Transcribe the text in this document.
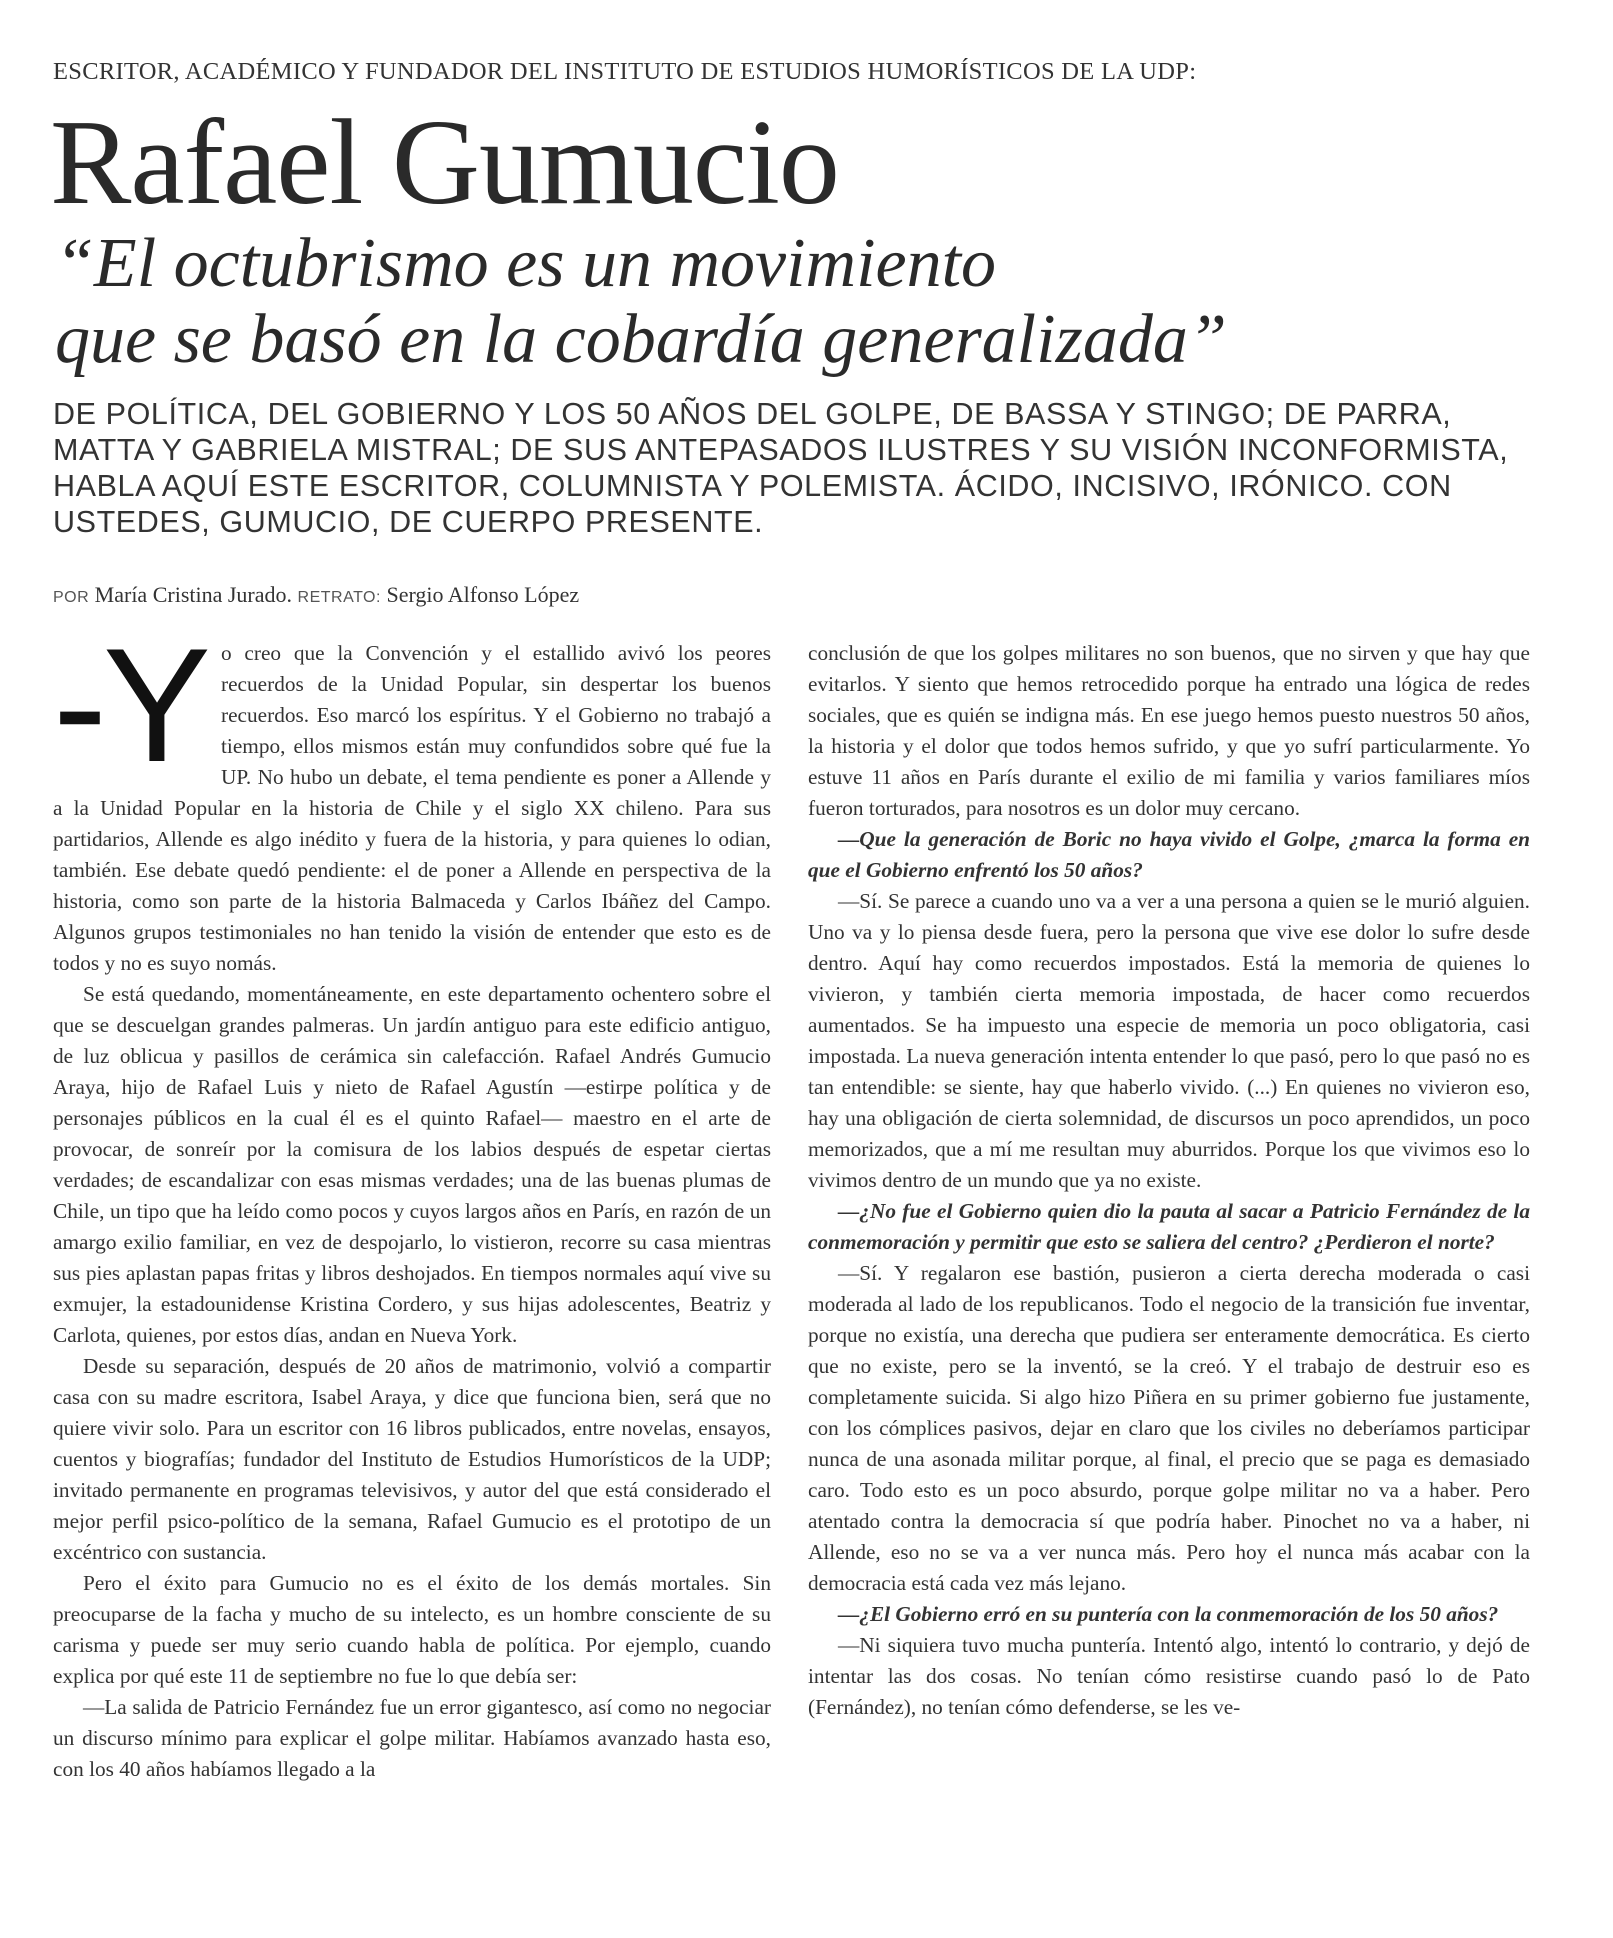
ESCRITOR, ACADÉMICO Y FUNDADOR DEL INSTITUTO DE ESTUDIOS HUMORÍSTICOS DE LA UDP:
Rafael Gumucio
“El octubrismo es un movimiento
que se basó en la cobardía generalizada”
DE POLÍTICA, DEL GOBIERNO Y LOS 50 AÑOS DEL GOLPE, DE BASSA Y STINGO; DE PARRA, MATTA Y GABRIELA MISTRAL; DE SUS ANTEPASADOS ILUSTRES Y SU VISIÓN INCONFORMISTA, HABLA AQUÍ ESTE ESCRITOR, COLUMNISTA Y POLEMISTA. ÁCIDO, INCISIVO, IRÓNICO. CON USTEDES, GUMUCIO, DE CUERPO PRESENTE.
POR María Cristina Jurado. RETRATO: Sergio Alfonso López

-Y o creo que la Convención y el estallido avivó los peores recuerdos de la Unidad Popular, sin despertar los buenos recuerdos. Eso marcó los espíritus. Y el Gobierno no trabajó a tiempo, ellos mismos están muy confundidos sobre qué fue la UP. No hubo un debate, el tema pendiente es poner a Allende y a la Unidad Popular en la historia de Chile y el siglo XX chileno. Para sus partidarios, Allende es algo inédito y fuera de la historia, y para quienes lo odian, también. Ese debate quedó pendiente: el de poner a Allende en perspectiva de la historia, como son parte de la historia Balmaceda y Carlos Ibáñez del Campo. Algunos grupos testimoniales no han tenido la visión de entender que esto es de todos y no es suyo nomás.

Se está quedando, momentáneamente, en este departamento ochentero sobre el que se descuelgan grandes palmeras. Un jardín antiguo para este edificio antiguo, de luz oblicua y pasillos de cerámica sin calefacción. Rafael Andrés Gumucio Araya, hijo de Rafael Luis y nieto de Rafael Agustín —estirpe política y de personajes públicos en la cual él es el quinto Rafael— maestro en el arte de provocar, de sonreír por la comisura de los labios después de espetar ciertas verdades; de escandalizar con esas mismas verdades; una de las buenas plumas de Chile, un tipo que ha leído como pocos y cuyos largos años en París, en razón de un amargo exilio familiar, en vez de despojarlo, lo vistieron, recorre su casa mientras sus pies aplastan papas fritas y libros deshojados. En tiempos normales aquí vive su exmujer, la estadounidense Kristina Cordero, y sus hijas adolescentes, Beatriz y Carlota, quienes, por estos días, andan en Nueva York.

Desde su separación, después de 20 años de matrimonio, volvió a compartir casa con su madre escritora, Isabel Araya, y dice que funciona bien, será que no quiere vivir solo. Para un escritor con 16 libros publicados, entre novelas, ensayos, cuentos y biografías; fundador del Instituto de Estudios Humorísticos de la UDP; invitado permanente en programas televisivos, y autor del que está considerado el mejor perfil psico-político de la semana, Rafael Gumucio es el prototipo de un excéntrico con sustancia.

Pero el éxito para Gumucio no es el éxito de los demás mortales. Sin preocuparse de la facha y mucho de su intelecto, es un hombre consciente de su carisma y puede ser muy serio cuando habla de política. Por ejemplo, cuando explica por qué este 11 de septiembre no fue lo que debía ser:

—La salida de Patricio Fernández fue un error gigantesco, así como no negociar un discurso mínimo para explicar el golpe militar. Habíamos avanzado hasta eso, con los 40 años habíamos llegado a la

conclusión de que los golpes militares no son buenos, que no sirven y que hay que evitarlos. Y siento que hemos retrocedido porque ha entrado una lógica de redes sociales, que es quién se indigna más. En ese juego hemos puesto nuestros 50 años, la historia y el dolor que todos hemos sufrido, y que yo sufrí particularmente. Yo estuve 11 años en París durante el exilio de mi familia y varios familiares míos fueron torturados, para nosotros es un dolor muy cercano.

—Que la generación de Boric no haya vivido el Golpe, ¿marca la forma en que el Gobierno enfrentó los 50 años?

—Sí. Se parece a cuando uno va a ver a una persona a quien se le murió alguien. Uno va y lo piensa desde fuera, pero la persona que vive ese dolor lo sufre desde dentro. Aquí hay como recuerdos impostados. Está la memoria de quienes lo vivieron, y también cierta memoria impostada, de hacer como recuerdos aumentados. Se ha impuesto una especie de memoria un poco obligatoria, casi impostada. La nueva generación intenta entender lo que pasó, pero lo que pasó no es tan entendible: se siente, hay que haberlo vivido. (...) En quienes no vivieron eso, hay una obligación de cierta solemnidad, de discursos un poco aprendidos, un poco memorizados, que a mí me resultan muy aburridos. Porque los que vivimos eso lo vivimos dentro de un mundo que ya no existe.

—¿No fue el Gobierno quien dio la pauta al sacar a Patricio Fernández de la conmemoración y permitir que esto se saliera del centro? ¿Perdieron el norte?

—Sí. Y regalaron ese bastión, pusieron a cierta derecha moderada o casi moderada al lado de los republicanos. Todo el negocio de la transición fue inventar, porque no existía, una derecha que pudiera ser enteramente democrática. Es cierto que no existe, pero se la inventó, se la creó. Y el trabajo de destruir eso es completamente suicida. Si algo hizo Piñera en su primer gobierno fue justamente, con los cómplices pasivos, dejar en claro que los civiles no deberíamos participar nunca de una asonada militar porque, al final, el precio que se paga es demasiado caro. Todo esto es un poco absurdo, porque golpe militar no va a haber. Pero atentado contra la democracia sí que podría haber. Pinochet no va a haber, ni Allende, eso no se va a ver nunca más. Pero hoy el nunca más acabar con la democracia está cada vez más lejano.

—¿El Gobierno erró en su puntería con la conmemoración de los 50 años?

—Ni siquiera tuvo mucha puntería. Intentó algo, intentó lo contrario, y dejó de intentar las dos cosas. No tenían cómo resistirse cuando pasó lo de Pato (Fernández), no tenían cómo defenderse, se les ve-
